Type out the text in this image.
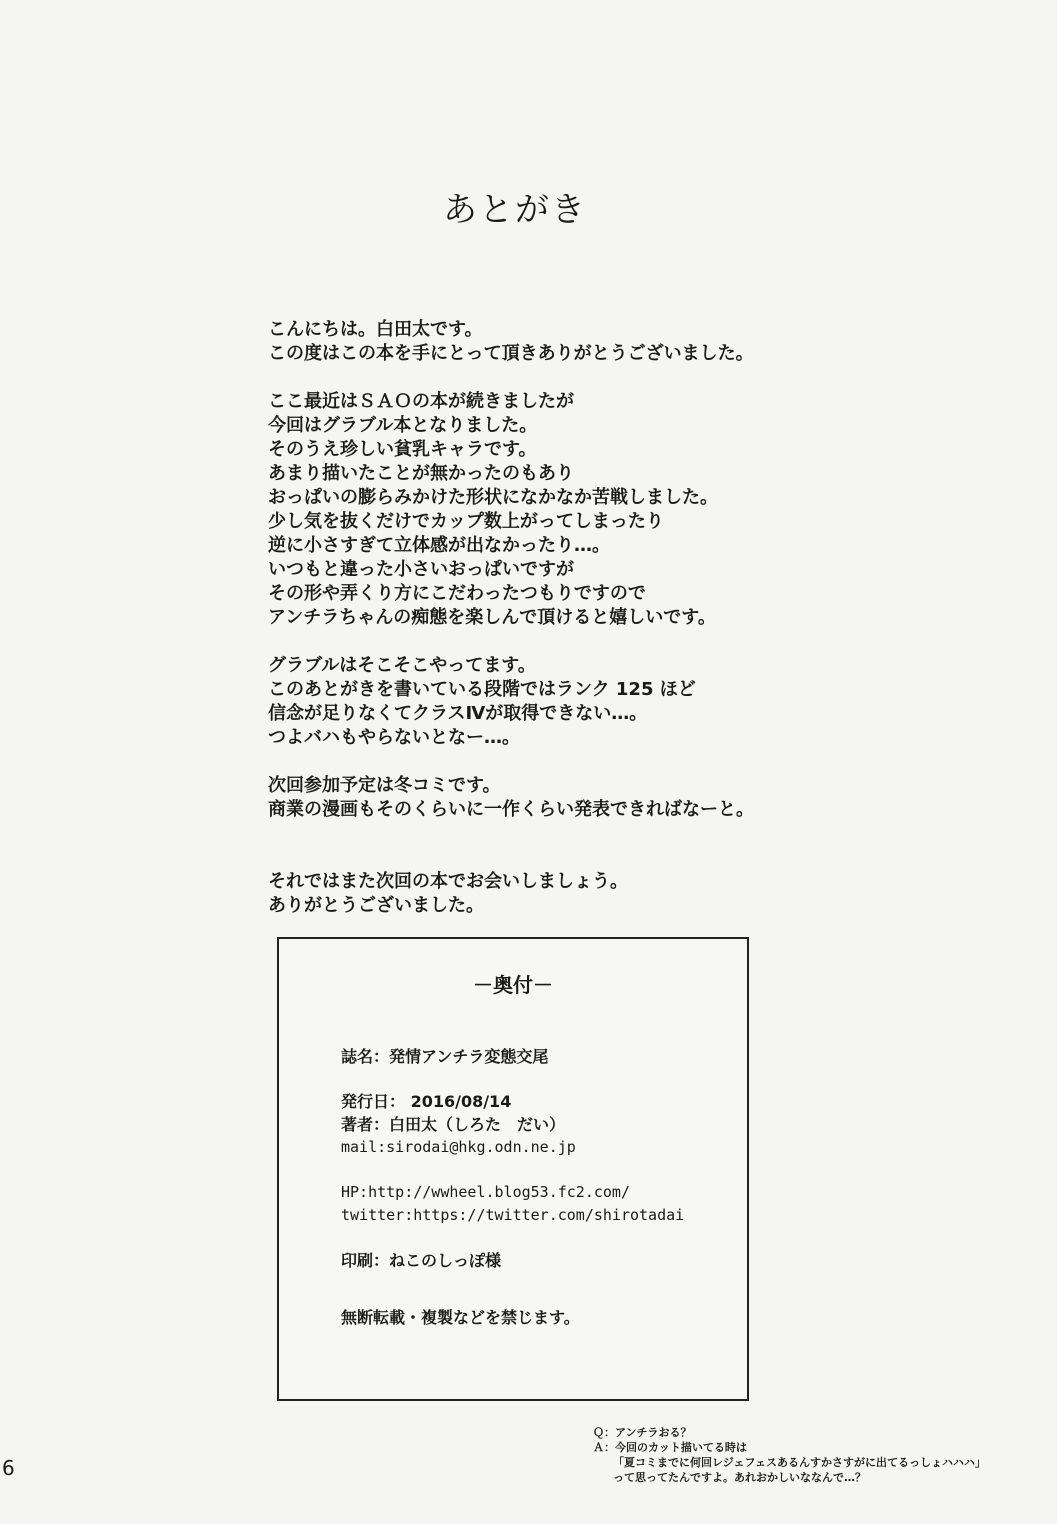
あとがき
こんにちは。白田太です。
この度はこの本を手にとって頂きありがとうございました。
ここ最近はＳＡＯの本が続きましたが
今回はグラブル本となりました。
そのうえ珍しい貧乳キャラです。
あまり描いたことが無かったのもあり
おっぱいの膨らみかけた形状になかなか苦戦しました。
少し気を抜くだけでカップ数上がってしまったり
逆に小さすぎて立体感が出なかったり…。
いつもと違った小さいおっぱいですが
その形や弄くり方にこだわったつもりですので
アンチラちゃんの痴態を楽しんで頂けると嬉しいです。
グラブルはそこそこやってます。
このあとがきを書いている段階ではランク 125 ほど
信念が足りなくてクラスⅣが取得できない…。
つよバハもやらないとなー…。
次回参加予定は冬コミです。
商業の漫画もそのくらいに一作くらい発表できればなーと。
それではまた次回の本でお会いしましょう。
ありがとうございました。
－奥付－
誌名：発情アンチラ変態交尾
発行日： 2016/08/14
著者：白田太（しろた　だい）
mail:sirodai@hkg.odn.ne.jp
HP:http://wwheel.blog53.fc2.com/
twitter:https://twitter.com/shirotadai
印刷：ねこのしっぽ様
無断転載・複製などを禁じます。
Ｑ：アンチラおる？
Ａ：今回のカット描いてる時は
「夏コミまでに何回レジェフェスあるんすかさすがに出てるっしょハハハ」
って思ってたんですよ。あれおかしいななんで…？
6
